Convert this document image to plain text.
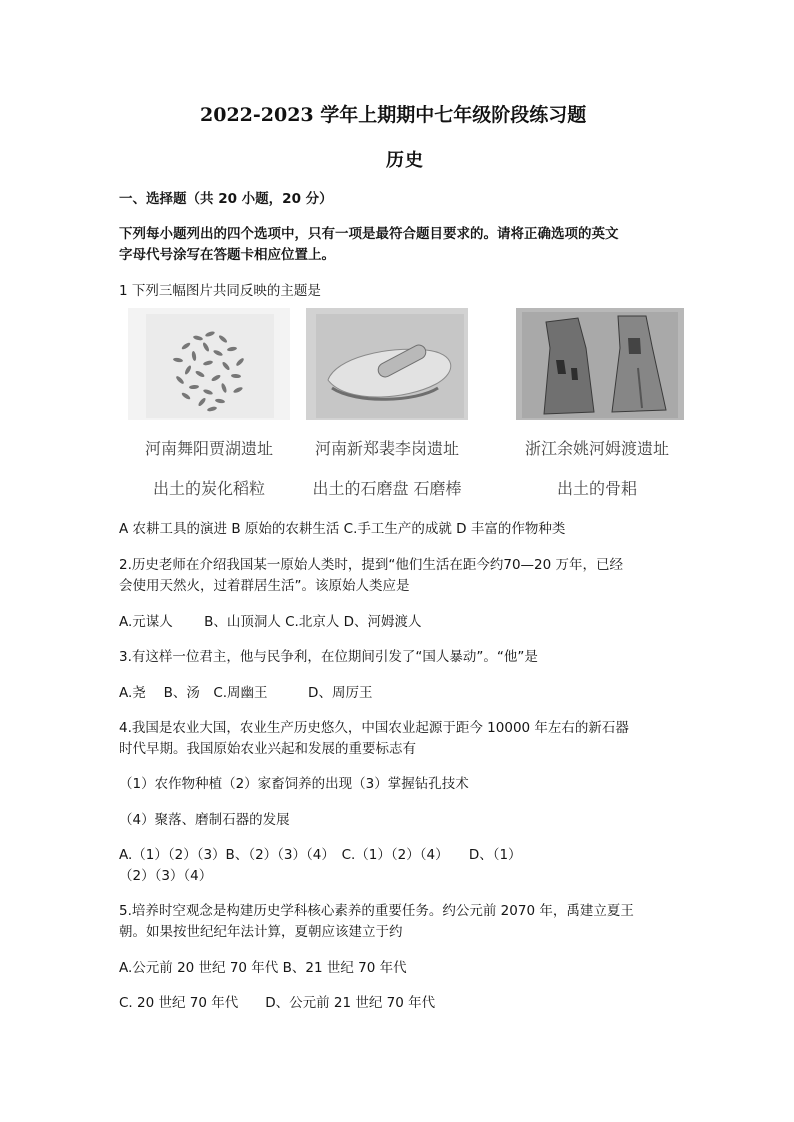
2022-2023 学年上期期中七年级阶段练习题
历史
一、选择题（共 20 小题，20 分）
下列每小题列出的四个选项中，只有一项是最符合题目要求的。请将正确选项的英文
字母代号涂写在答题卡相应位置上。
1 下列三幅图片共同反映的主题是
河南舞阳贾湖遗址
出土的炭化稻粒
河南新郑裴李岗遗址
出土的石磨盘 石磨棒
浙江余姚河姆渡遗址
出土的骨耜
A 农耕工具的演进 B 原始的农耕生活 C.手工生产的成就 D 丰富的作物种类
2.历史老师在介绍我国某一原始人类时，提到“他们生活在距今约70—20 万年，已经
会使用天然火，过着群居生活”。该原始人类应是
A.元谋人　　 B、山顶洞人 C.北京人 D、河姆渡人
3.有这样一位君主，他与民争利，在位期间引发了“国人暴动”。“他”是
A.尧　 B、汤　C.周幽王　　　D、周厉王
4.我国是农业大国，农业生产历史悠久，中国农业起源于距今 10000 年左右的新石器
时代早期。我国原始农业兴起和发展的重要标志有
（1）农作物种植（2）家畜饲养的出现（3）掌握钻孔技术
（4）聚落、磨制石器的发展
A.（1）（2）（3）B、（2）（3）（4）　C.（1）（2）（4）　　D、（1）
（2）（3）（4）
5.培养时空观念是构建历史学科核心素养的重要任务。约公元前 2070 年，禹建立夏王
朝。如果按世纪纪年法计算，夏朝应该建立于约
A.公元前 20 世纪 70 年代 B、21 世纪 70 年代
C. 20 世纪 70 年代　　D、公元前 21 世纪 70 年代
